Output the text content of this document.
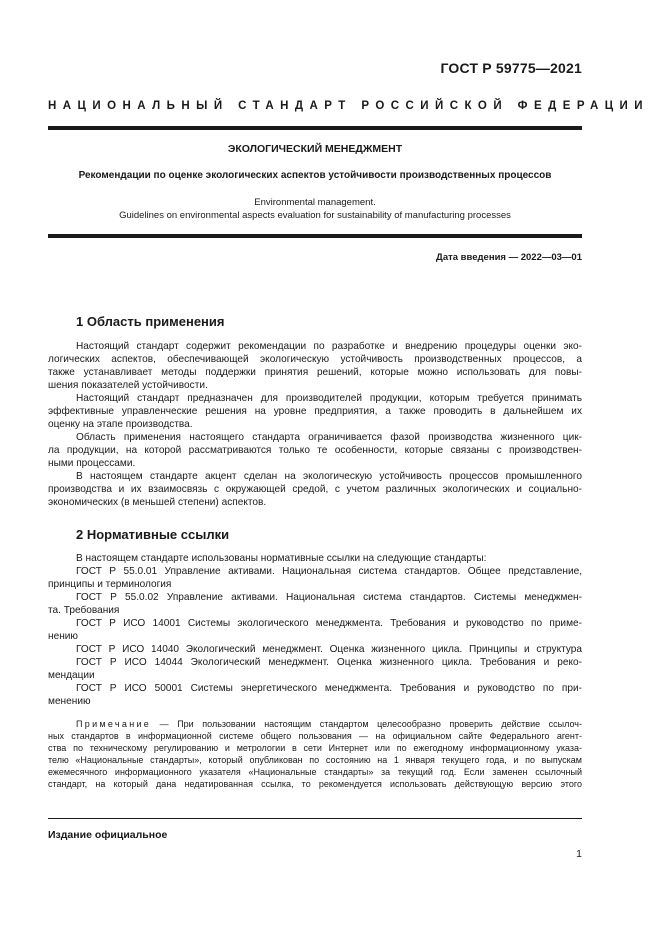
ГОСТ Р 59775—2021
НАЦИОНАЛЬНЫЙ СТАНДАРТ РОССИЙСКОЙ ФЕДЕРАЦИИ
ЭКОЛОГИЧЕСКИЙ МЕНЕДЖМЕНТ
Рекомендации по оценке экологических аспектов устойчивости производственных процессов
Environmental management.
Guidelines on environmental aspects evaluation for sustainability of manufacturing processes
Дата введения — 2022—03—01
1 Область применения
Настоящий стандарт содержит рекомендации по разработке и внедрению процедуры оценки эко-
логических аспектов, обеспечивающей экологическую устойчивость производственных процессов, а
также устанавливает методы поддержки принятия решений, которые можно использовать для повы-
шения показателей устойчивости.
Настоящий стандарт предназначен для производителей продукции, которым требуется принимать
эффективные управленческие решения на уровне предприятия, а также проводить в дальнейшем их
оценку на этапе производства.
Область применения настоящего стандарта ограничивается фазой производства жизненного цик-
ла продукции, на которой рассматриваются только те особенности, которые связаны с производствен-
ными процессами.
В настоящем стандарте акцент сделан на экологическую устойчивость процессов промышленного
производства и их взаимосвязь с окружающей средой, с учетом различных экологических и социально-
экономических (в меньшей степени) аспектов.
2 Нормативные ссылки
В настоящем стандарте использованы нормативные ссылки на следующие стандарты:
ГОСТ Р 55.0.01 Управление активами. Национальная система стандартов. Общее представление,
принципы и терминология
ГОСТ Р 55.0.02 Управление активами. Национальная система стандартов. Системы менеджмен-
та. Требования
ГОСТ Р ИСО 14001 Системы экологического менеджмента. Требования и руководство по приме-
нению
ГОСТ Р ИСО 14040 Экологический менеджмент. Оценка жизненного цикла. Принципы и структура
ГОСТ Р ИСО 14044 Экологический менеджмент. Оценка жизненного цикла. Требования и реко-
мендации
ГОСТ Р ИСО 50001 Системы энергетического менеджмента. Требования и руководство по при-
менению
Примечание — При пользовании настоящим стандартом целесообразно проверить действие ссылоч-
ных стандартов в информационной системе общего пользования — на официальном сайте Федерального агент-
ства по техническому регулированию и метрологии в сети Интернет или по ежегодному информационному указа-
телю «Национальные стандарты», который опубликован по состоянию на 1 января текущего года, и по выпускам
ежемесячного информационного указателя «Национальные стандарты» за текущий год. Если заменен ссылочный
стандарт, на который дана недатированная ссылка, то рекомендуется использовать действующую версию этого
Издание официальное
1
